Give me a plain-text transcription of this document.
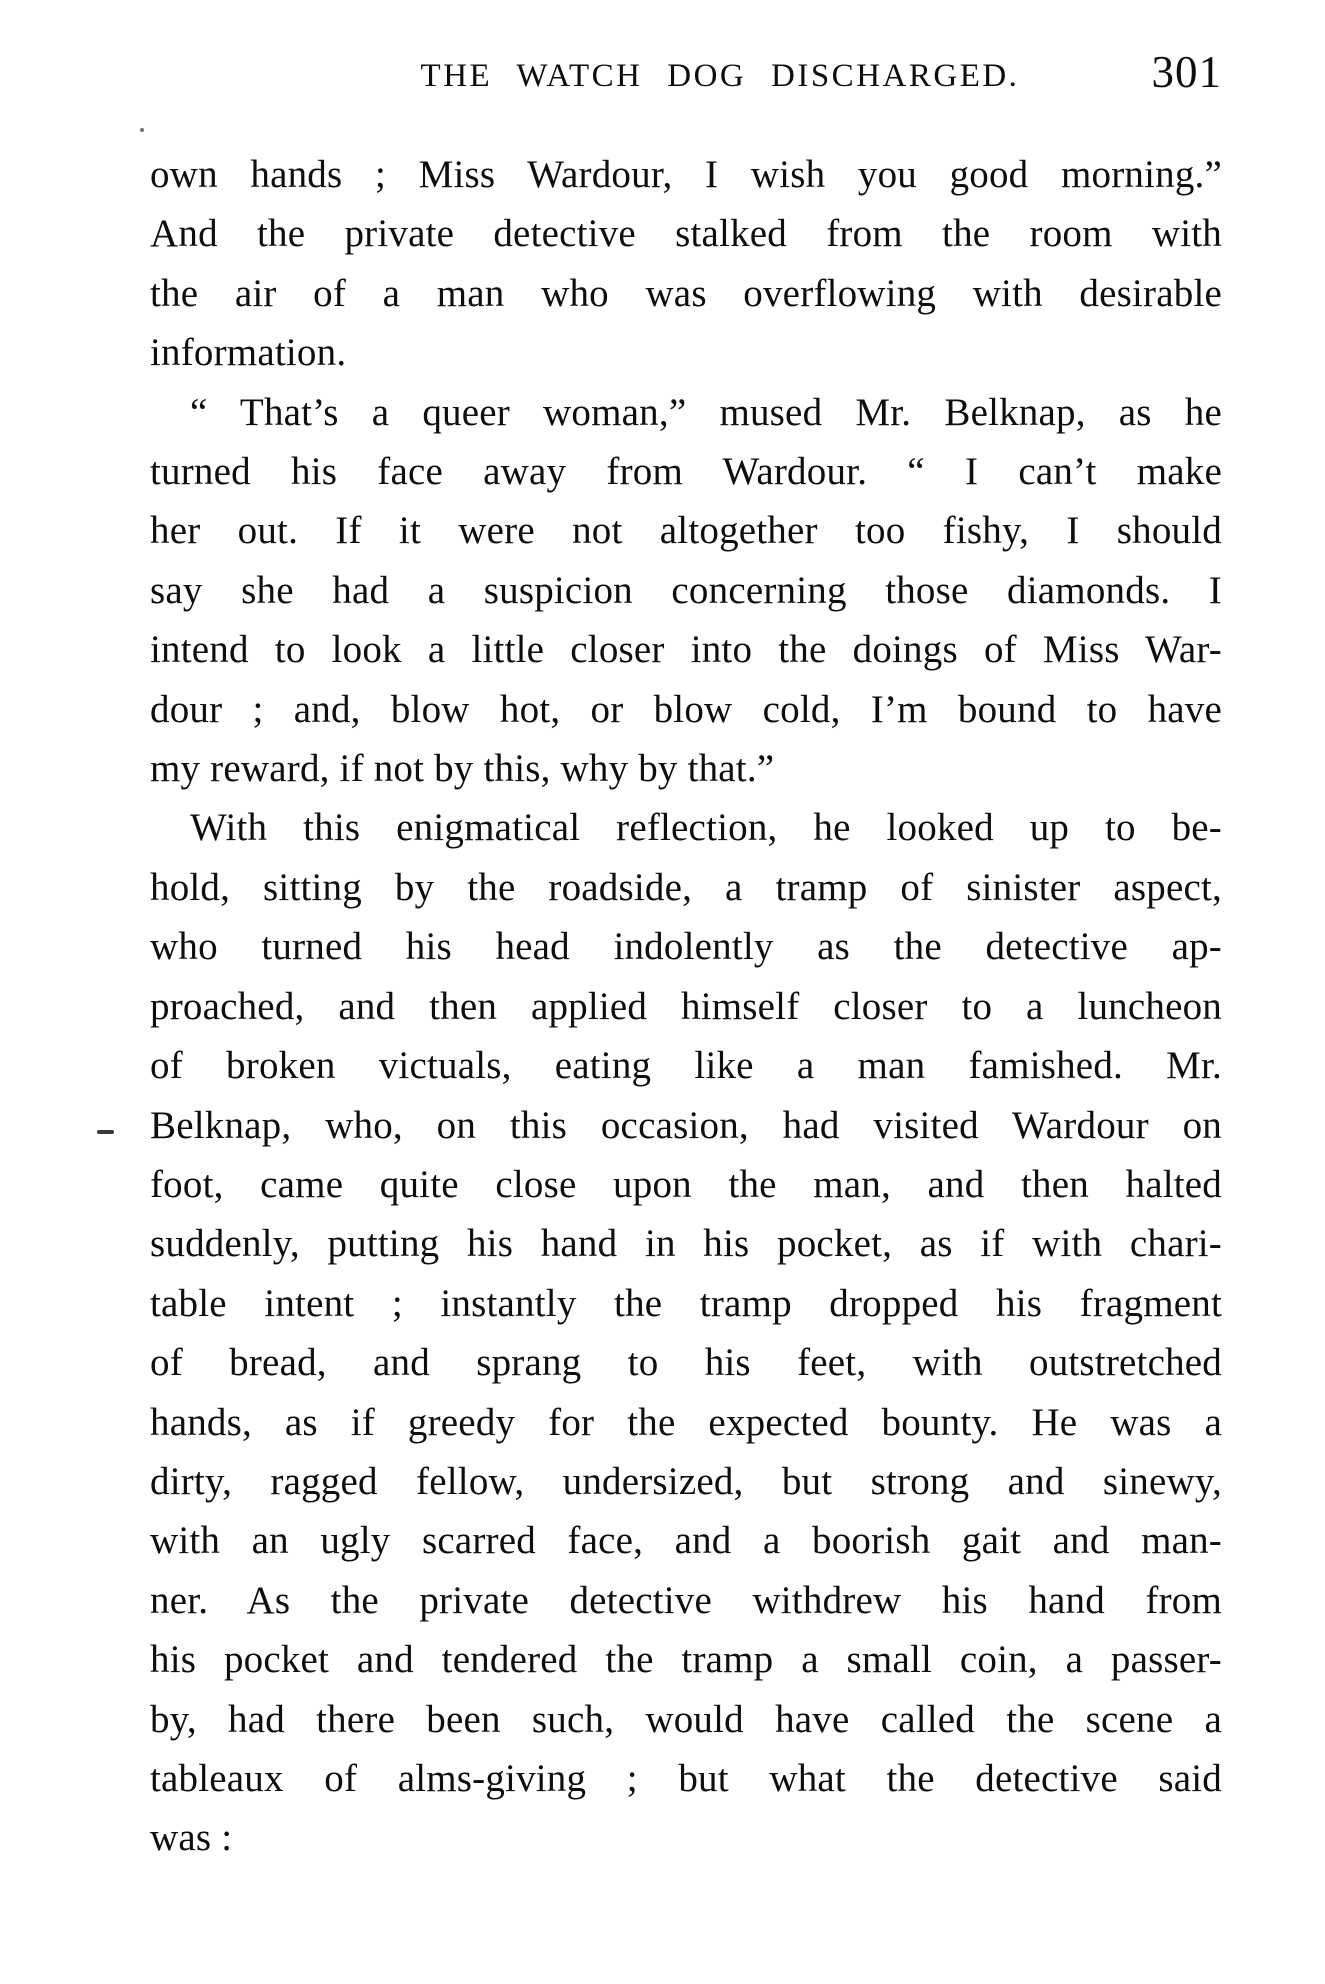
THE WATCH DOG DISCHARGED.	301
own hands ; Miss Wardour, I wish you good morning.”
And the private detective stalked from the room with
the air of a man who was overflowing with desirable
information.
“ That’s a queer woman,” mused Mr. Belknap, as he
turned his face away from Wardour. “ I can’t make
her out. If it were not altogether too fishy, I should
say she had a suspicion concerning those diamonds. I
intend to look a little closer into the doings of Miss War-
dour ; and, blow hot, or blow cold, I’m bound to have
my reward, if not by this, why by that.”
With this enigmatical reflection, he looked up to be-
hold, sitting by the roadside, a tramp of sinister aspect,
who turned his head indolently as the detective ap-
proached, and then applied himself closer to a luncheon
of broken victuals, eating like a man famished. Mr.
Belknap, who, on this occasion, had visited Wardour on
foot, came quite close upon the man, and then halted
suddenly, putting his hand in his pocket, as if with chari-
table intent ; instantly the tramp dropped his fragment
of bread, and sprang to his feet, with outstretched
hands, as if greedy for the expected bounty. He was a
dirty, ragged fellow, undersized, but strong and sinewy,
with an ugly scarred face, and a boorish gait and man-
ner. As the private detective withdrew his hand from
his pocket and tendered the tramp a small coin, a passer-
by, had there been such, would have called the scene a
tableaux of alms-giving ; but what the detective said
was :
